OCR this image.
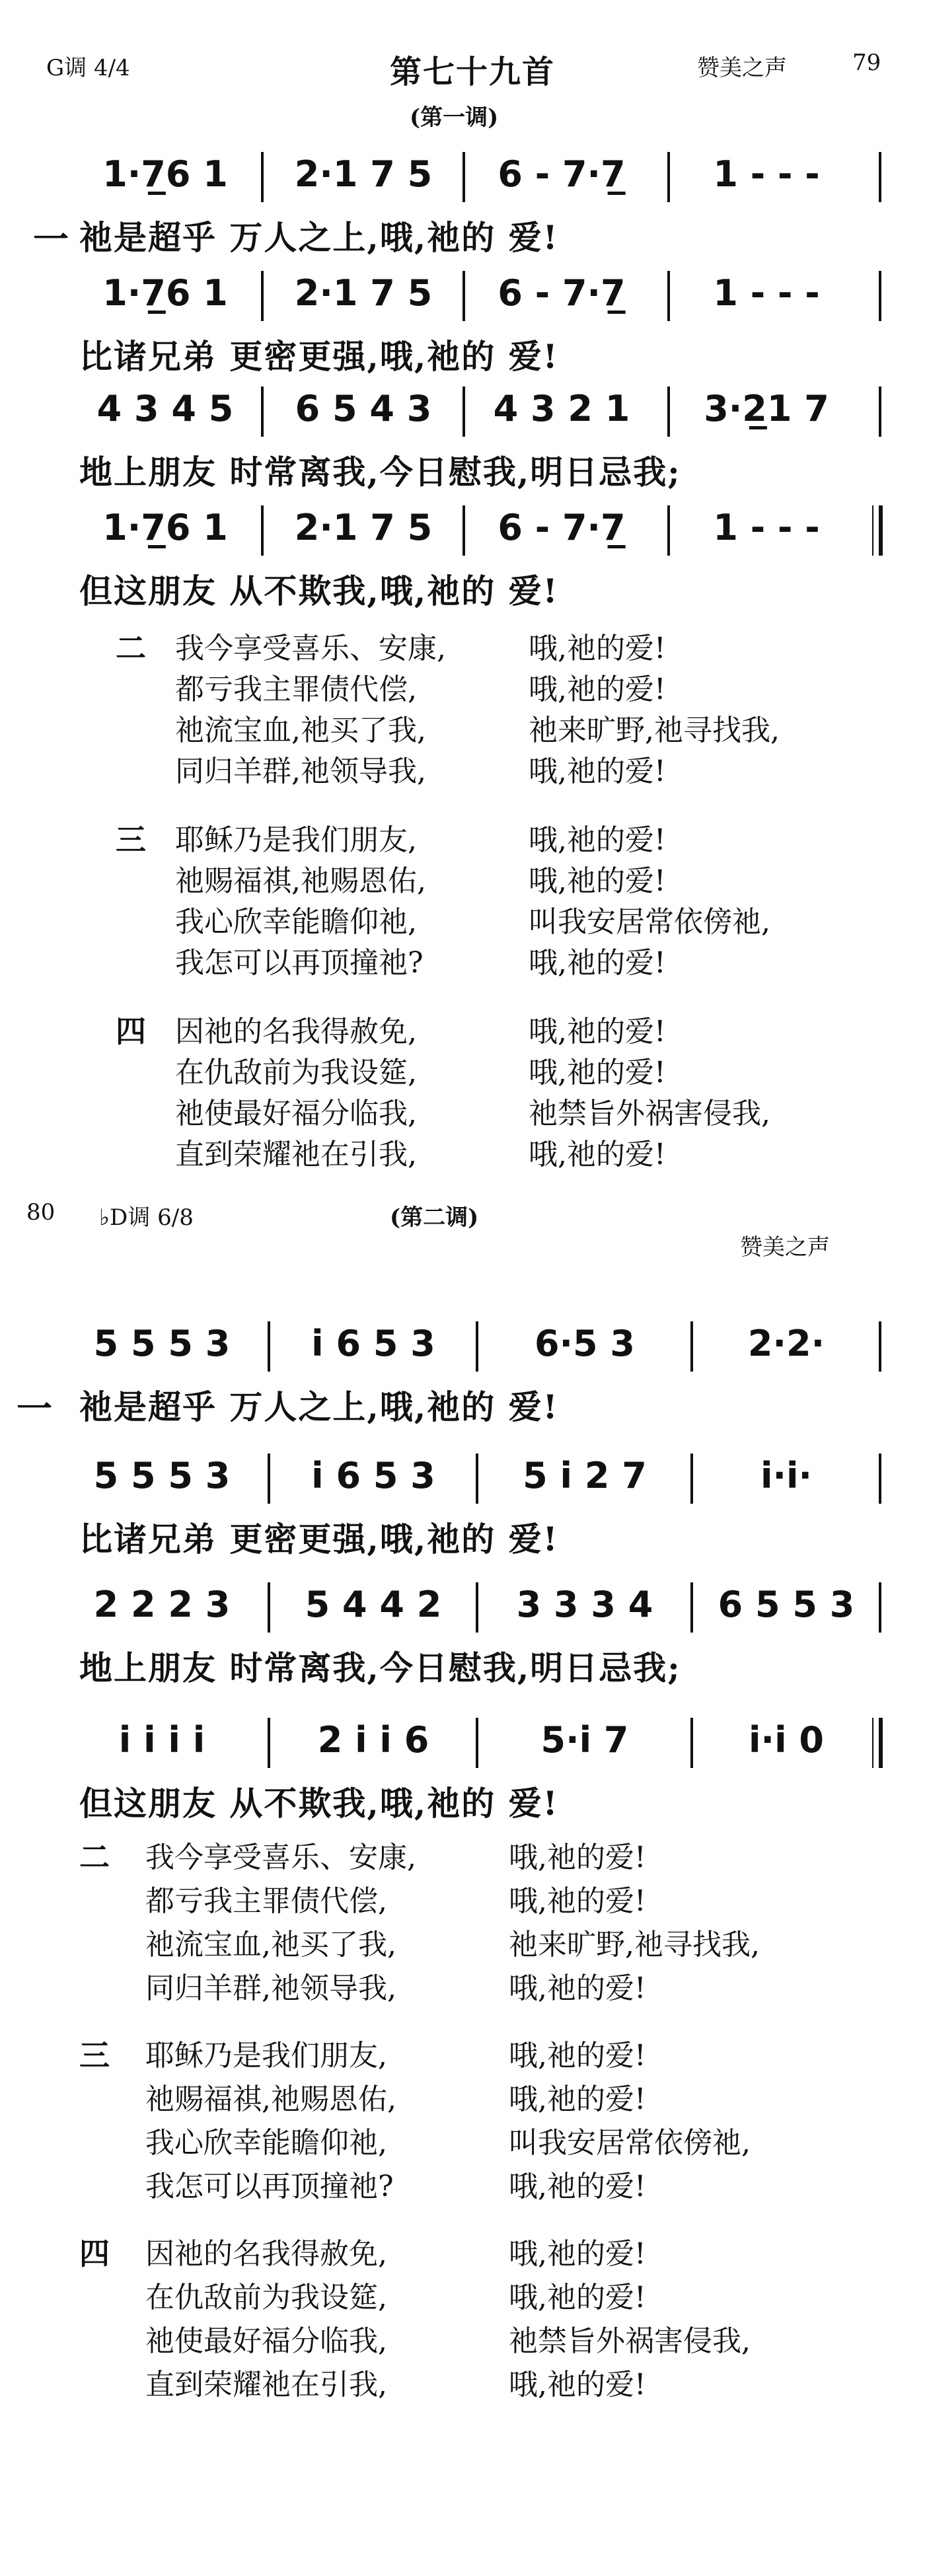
G调 4/4	第七十九首
(第一调)
赞美之声	79
1·7̲6 1	2·1 7 5	6 - 7·7̲	1 - - -
祂是超乎 万人之上,哦,祂的 爱!
1·7̲6 1	2·1 7 5	6 - 7·7̲	1 - - -
比诸兄弟 更密更强,哦,祂的 爱!
4 3 4 5	6 5 4 3	4 3 2 1	3·2̲1 7
地上朋友 时常离我,今日慰我,明日忌我;
1·7̲6 1	2·1 7 5	6 - 7·7̲	1 - - -
但这朋友 从不欺我,哦,祂的 爱!
一
二 我今享受喜乐、安康,	哦,祂的爱!
都亏我主罪债代偿,	哦,祂的爱!
祂流宝血,祂买了我,	祂来旷野,祂寻找我,
同归羊群,祂领导我,	哦,祂的爱!
三 耶稣乃是我们朋友,	哦,祂的爱!
祂赐福祺,祂赐恩佑,	哦,祂的爱!
我心欣幸能瞻仰祂,	叫我安居常依傍祂,
我怎可以再顶撞祂?	哦,祂的爱!
四 因祂的名我得赦免,	哦,祂的爱!
在仇敌前为我设筵,	哦,祂的爱!
祂使最好福分临我,	祂禁旨外祸害侵我,
直到荣耀祂在引我,	哦,祂的爱!
80 ♭D调 6/8	(第二调)
赞美之声
5 5 5 3	i 6 5 3	6·5 3	2·2·
祂是超乎 万人之上,哦,祂的 爱!
5 5 5 3	i 6 5 3	5 i 2 7	i·i·
比诸兄弟 更密更强,哦,祂的 爱!
2 2 2 3	5 4 4 2	3 3 3 4	6 5 5 3
地上朋友 时常离我,今日慰我,明日忌我;
i i i i	2 i i 6	5·i 7	i·i 0
但这朋友 从不欺我,哦,祂的 爱!
一
二 我今享受喜乐、安康,	哦,祂的爱!
都亏我主罪债代偿,	哦,祂的爱!
祂流宝血,祂买了我,	祂来旷野,祂寻找我,
同归羊群,祂领导我,	哦,祂的爱!
三 耶稣乃是我们朋友,	哦,祂的爱!
祂赐福祺,祂赐恩佑,	哦,祂的爱!
我心欣幸能瞻仰祂,	叫我安居常依傍祂,
我怎可以再顶撞祂?	哦,祂的爱!
四 因祂的名我得赦免,	哦,祂的爱!
在仇敌前为我设筵,	哦,祂的爱!
祂使最好福分临我,	祂禁旨外祸害侵我,
直到荣耀祂在引我,	哦,祂的爱!
